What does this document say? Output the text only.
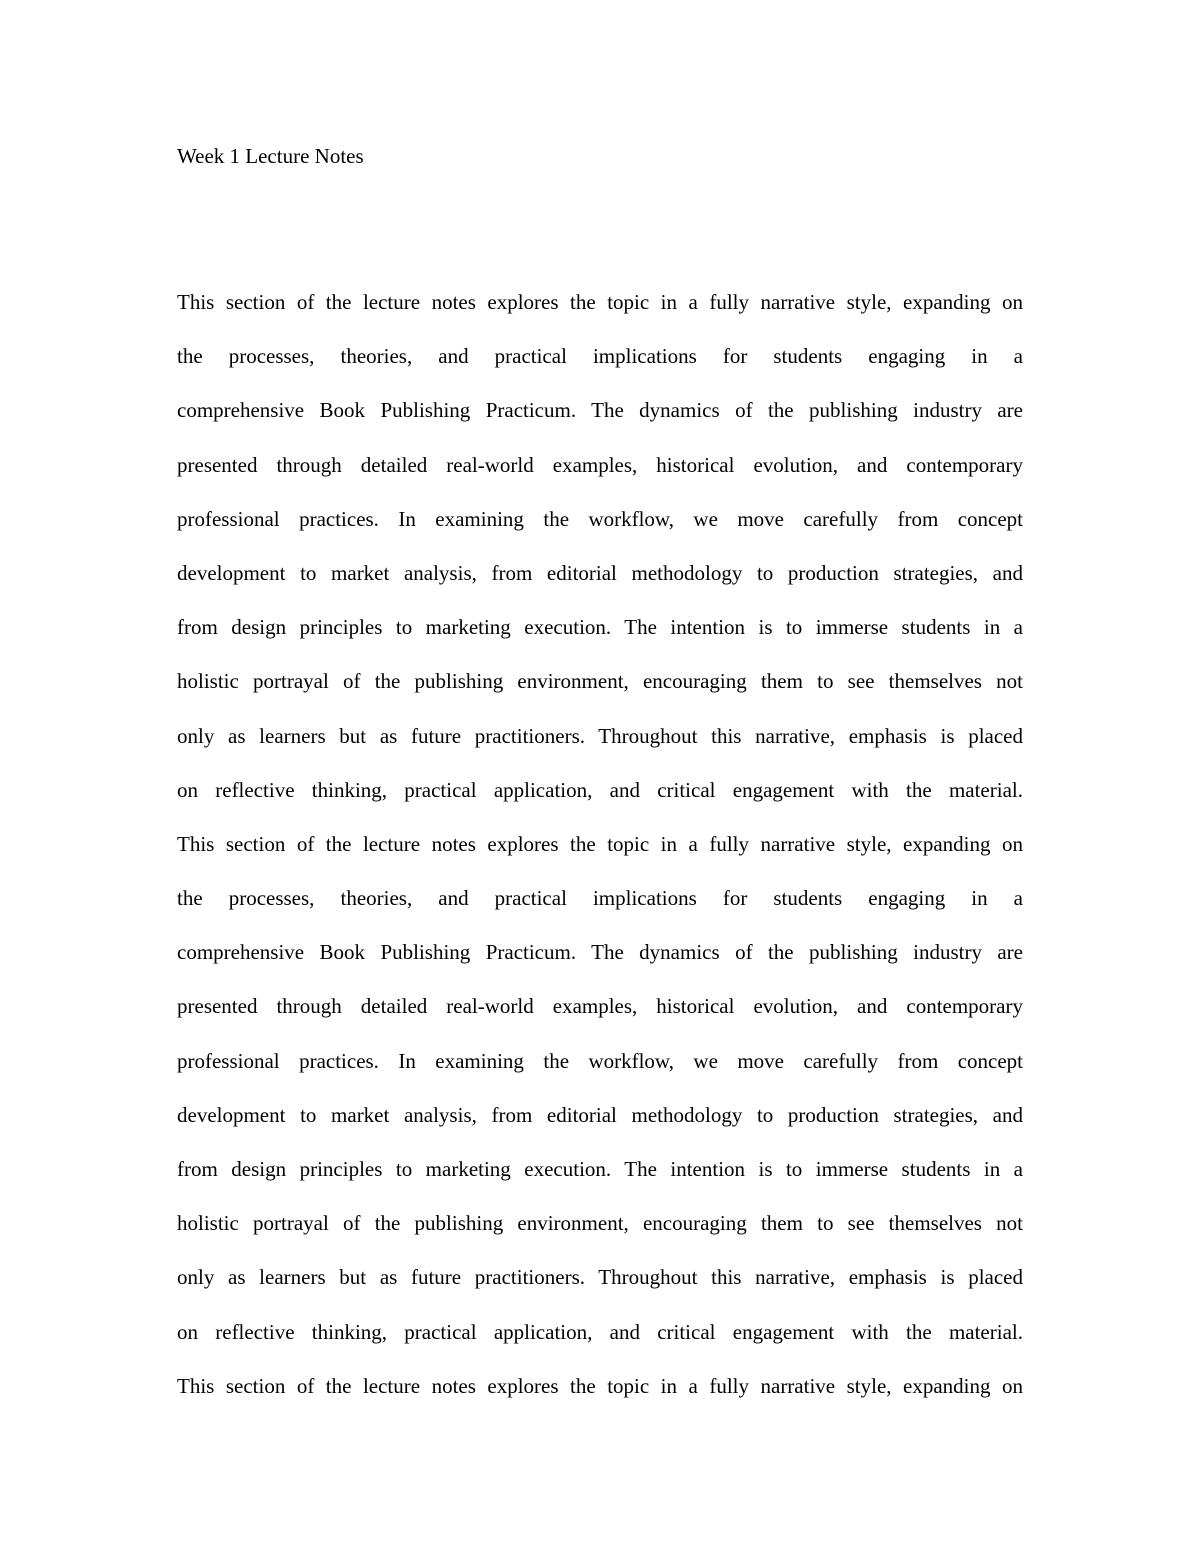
Week 1 Lecture Notes
This section of the lecture notes explores the topic in a fully narrative style, expanding on
the processes, theories, and practical implications for students engaging in a
comprehensive Book Publishing Practicum. The dynamics of the publishing industry are
presented through detailed real-world examples, historical evolution, and contemporary
professional practices. In examining the workflow, we move carefully from concept
development to market analysis, from editorial methodology to production strategies, and
from design principles to marketing execution. The intention is to immerse students in a
holistic portrayal of the publishing environment, encouraging them to see themselves not
only as learners but as future practitioners. Throughout this narrative, emphasis is placed
on reflective thinking, practical application, and critical engagement with the material.
This section of the lecture notes explores the topic in a fully narrative style, expanding on
the processes, theories, and practical implications for students engaging in a
comprehensive Book Publishing Practicum. The dynamics of the publishing industry are
presented through detailed real-world examples, historical evolution, and contemporary
professional practices. In examining the workflow, we move carefully from concept
development to market analysis, from editorial methodology to production strategies, and
from design principles to marketing execution. The intention is to immerse students in a
holistic portrayal of the publishing environment, encouraging them to see themselves not
only as learners but as future practitioners. Throughout this narrative, emphasis is placed
on reflective thinking, practical application, and critical engagement with the material.
This section of the lecture notes explores the topic in a fully narrative style, expanding on
